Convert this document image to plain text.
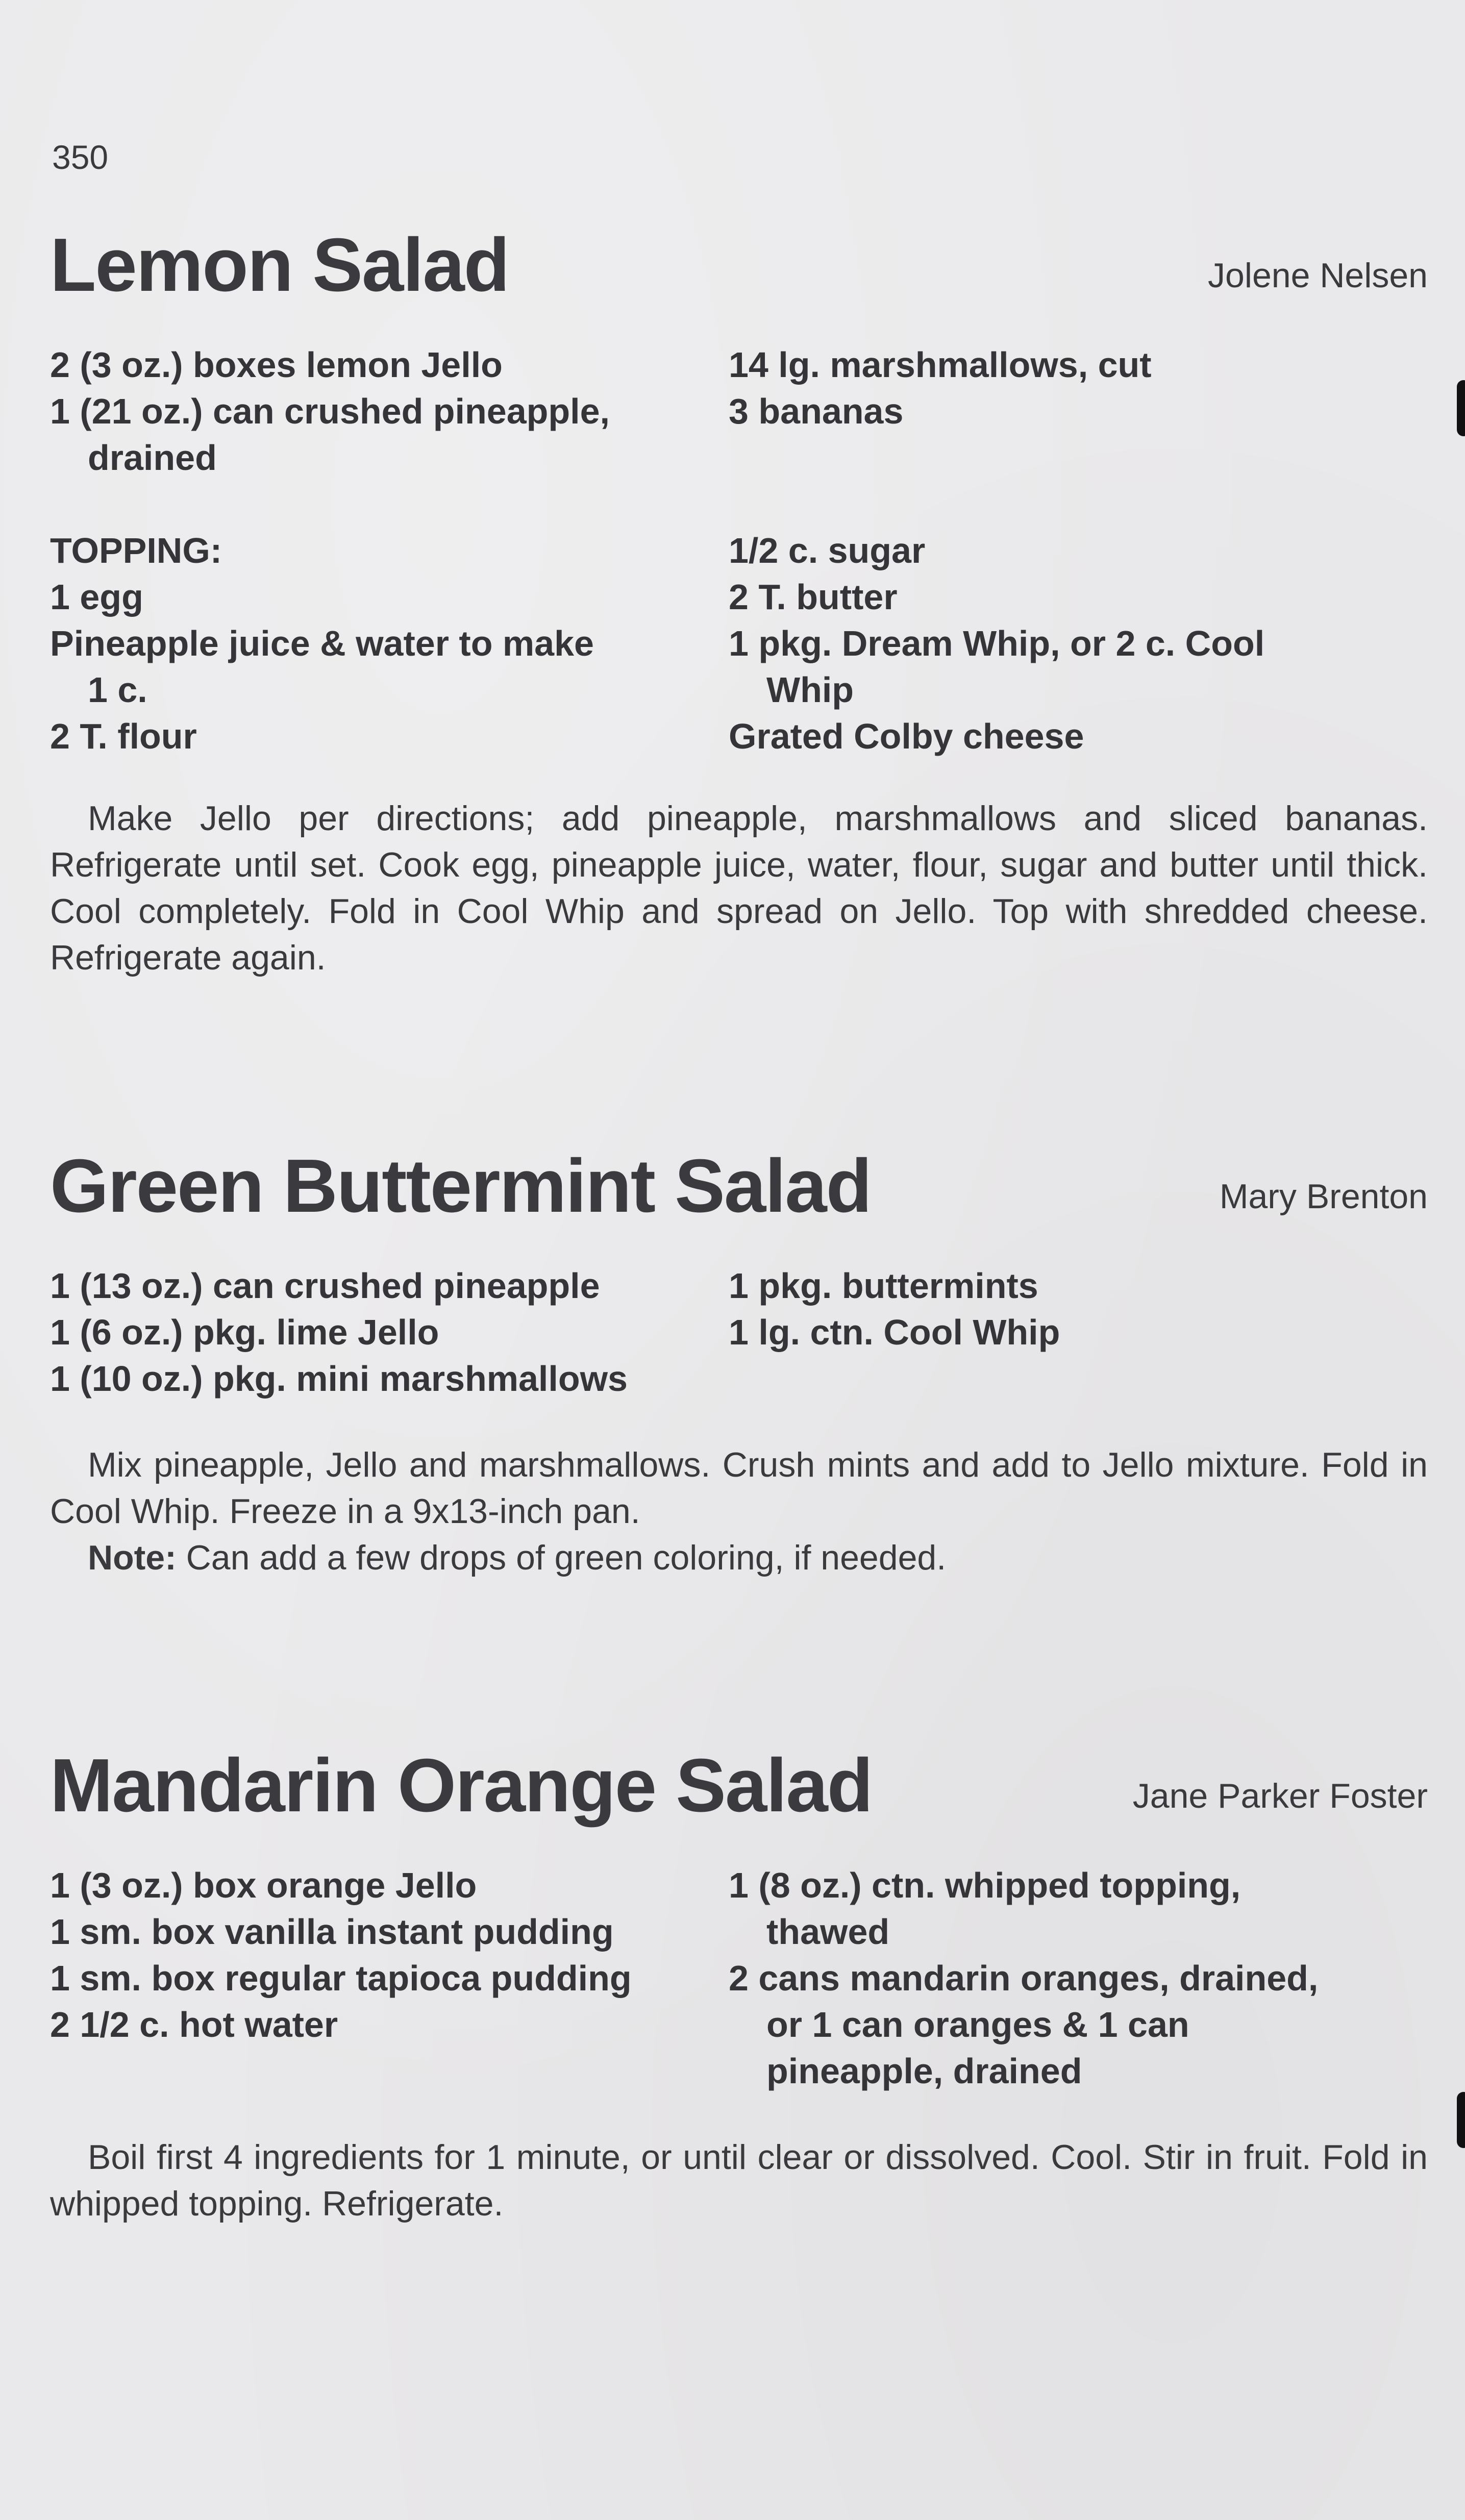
350
Lemon Salad	Jolene Nelsen
2 (3 oz.) boxes lemon Jello
1 (21 oz.) can crushed pineapple,
drained
TOPPING:
1 egg
Pineapple juice & water to make
1 c.
2 T. flour
14 lg. marshmallows, cut
3 bananas
1/2 c. sugar
2 T. butter
1 pkg. Dream Whip, or 2 c. Cool
Whip
Grated Colby cheese

Make Jello per directions; add pineapple, marshmallows and sliced bananas. Refrigerate until set. Cook egg, pineapple juice, water, flour, sugar and butter until thick. Cool completely. Fold in Cool Whip and spread on Jello. Top with shredded cheese. Refrigerate again.

Green Buttermint Salad	Mary Brenton
1 (13 oz.) can crushed pineapple
1 (6 oz.) pkg. lime Jello
1 (10 oz.) pkg. mini marshmallows
1 pkg. buttermints
1 lg. ctn. Cool Whip

Mix pineapple, Jello and marshmallows. Crush mints and add to Jello mixture. Fold in Cool Whip. Freeze in a 9x13-inch pan.

Note: Can add a few drops of green coloring, if needed.

Mandarin Orange Salad	Jane Parker Foster
1 (3 oz.) box orange Jello
1 sm. box vanilla instant pudding
1 sm. box regular tapioca pudding
2 1/2 c. hot water
1 (8 oz.) ctn. whipped topping,
thawed
2 cans mandarin oranges, drained,
or 1 can oranges & 1 can
pineapple, drained

Boil first 4 ingredients for 1 minute, or until clear or dissolved. Cool. Stir in fruit. Fold in whipped topping. Refrigerate.
